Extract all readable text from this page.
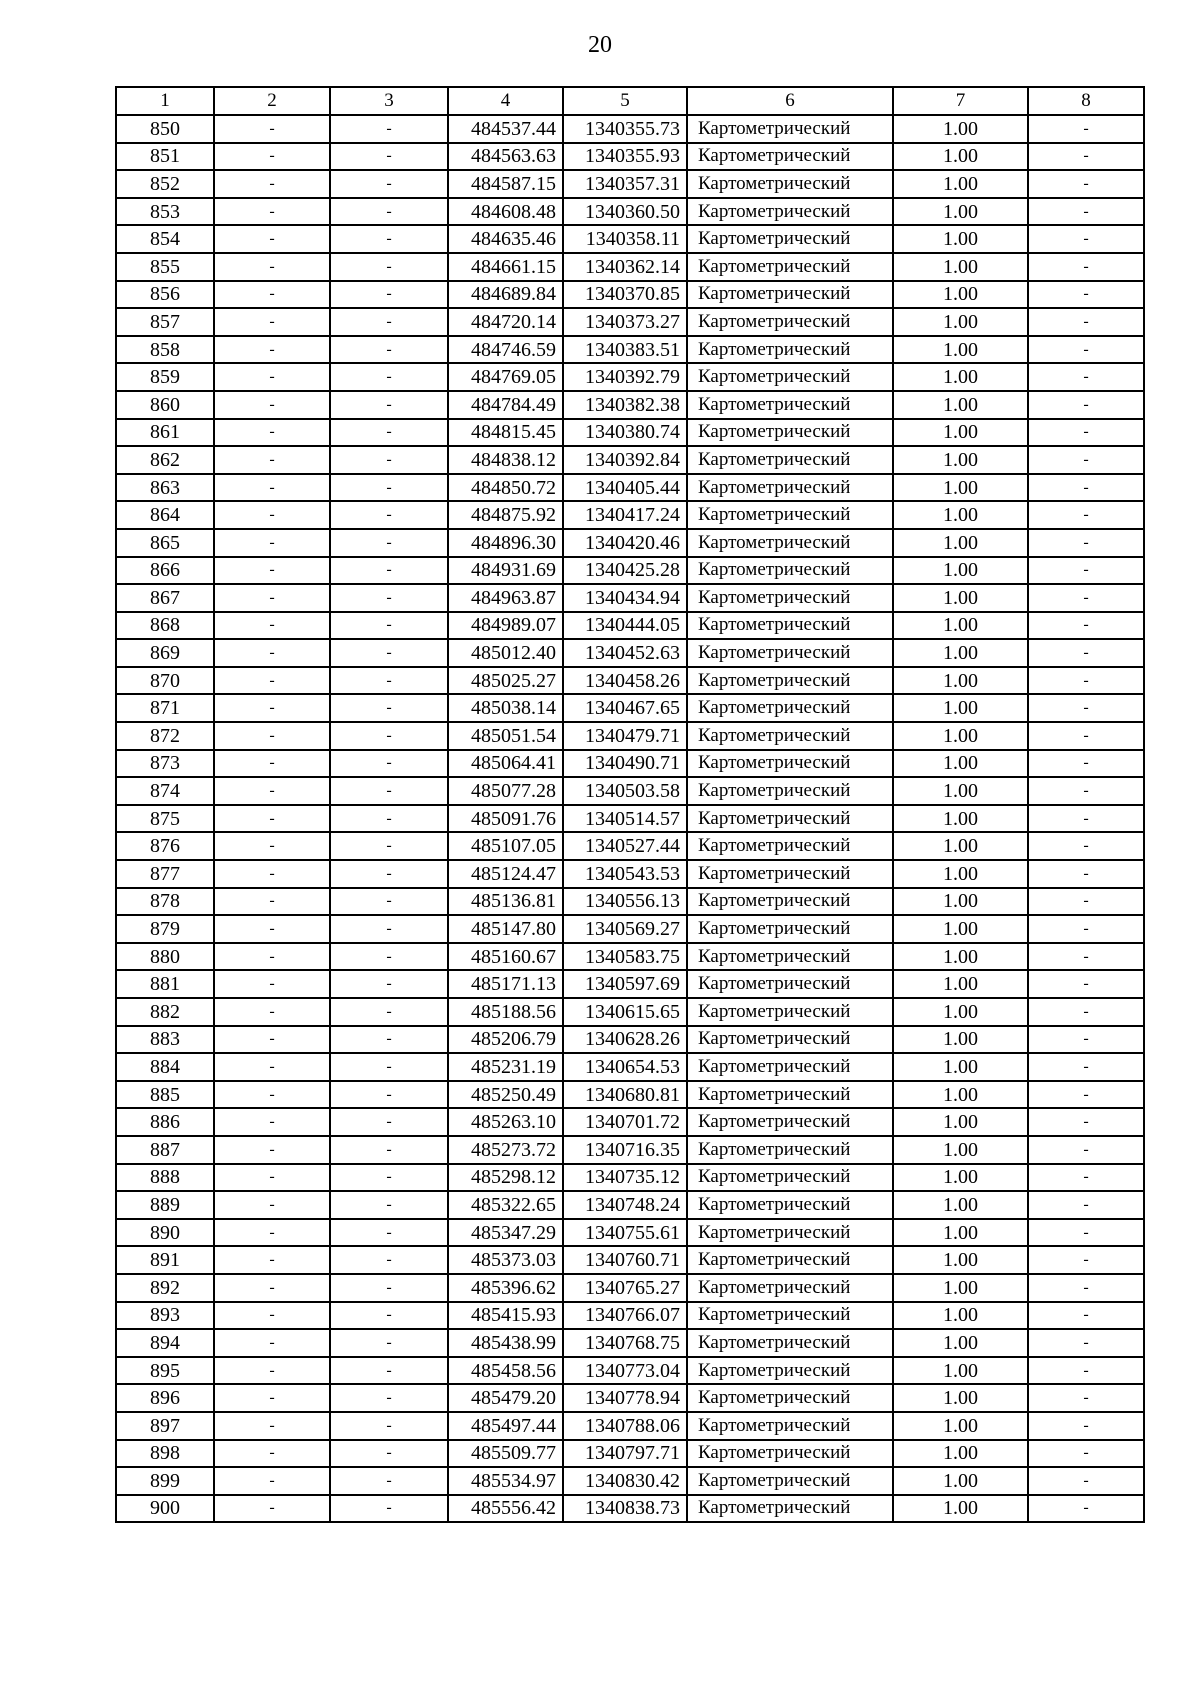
20
1	2	3	4	5	6	7	8
850	-	-	484537.44	1340355.73	Картометрический	1.00	-
851	-	-	484563.63	1340355.93	Картометрический	1.00	-
852	-	-	484587.15	1340357.31	Картометрический	1.00	-
853	-	-	484608.48	1340360.50	Картометрический	1.00	-
854	-	-	484635.46	1340358.11	Картометрический	1.00	-
855	-	-	484661.15	1340362.14	Картометрический	1.00	-
856	-	-	484689.84	1340370.85	Картометрический	1.00	-
857	-	-	484720.14	1340373.27	Картометрический	1.00	-
858	-	-	484746.59	1340383.51	Картометрический	1.00	-
859	-	-	484769.05	1340392.79	Картометрический	1.00	-
860	-	-	484784.49	1340382.38	Картометрический	1.00	-
861	-	-	484815.45	1340380.74	Картометрический	1.00	-
862	-	-	484838.12	1340392.84	Картометрический	1.00	-
863	-	-	484850.72	1340405.44	Картометрический	1.00	-
864	-	-	484875.92	1340417.24	Картометрический	1.00	-
865	-	-	484896.30	1340420.46	Картометрический	1.00	-
866	-	-	484931.69	1340425.28	Картометрический	1.00	-
867	-	-	484963.87	1340434.94	Картометрический	1.00	-
868	-	-	484989.07	1340444.05	Картометрический	1.00	-
869	-	-	485012.40	1340452.63	Картометрический	1.00	-
870	-	-	485025.27	1340458.26	Картометрический	1.00	-
871	-	-	485038.14	1340467.65	Картометрический	1.00	-
872	-	-	485051.54	1340479.71	Картометрический	1.00	-
873	-	-	485064.41	1340490.71	Картометрический	1.00	-
874	-	-	485077.28	1340503.58	Картометрический	1.00	-
875	-	-	485091.76	1340514.57	Картометрический	1.00	-
876	-	-	485107.05	1340527.44	Картометрический	1.00	-
877	-	-	485124.47	1340543.53	Картометрический	1.00	-
878	-	-	485136.81	1340556.13	Картометрический	1.00	-
879	-	-	485147.80	1340569.27	Картометрический	1.00	-
880	-	-	485160.67	1340583.75	Картометрический	1.00	-
881	-	-	485171.13	1340597.69	Картометрический	1.00	-
882	-	-	485188.56	1340615.65	Картометрический	1.00	-
883	-	-	485206.79	1340628.26	Картометрический	1.00	-
884	-	-	485231.19	1340654.53	Картометрический	1.00	-
885	-	-	485250.49	1340680.81	Картометрический	1.00	-
886	-	-	485263.10	1340701.72	Картометрический	1.00	-
887	-	-	485273.72	1340716.35	Картометрический	1.00	-
888	-	-	485298.12	1340735.12	Картометрический	1.00	-
889	-	-	485322.65	1340748.24	Картометрический	1.00	-
890	-	-	485347.29	1340755.61	Картометрический	1.00	-
891	-	-	485373.03	1340760.71	Картометрический	1.00	-
892	-	-	485396.62	1340765.27	Картометрический	1.00	-
893	-	-	485415.93	1340766.07	Картометрический	1.00	-
894	-	-	485438.99	1340768.75	Картометрический	1.00	-
895	-	-	485458.56	1340773.04	Картометрический	1.00	-
896	-	-	485479.20	1340778.94	Картометрический	1.00	-
897	-	-	485497.44	1340788.06	Картометрический	1.00	-
898	-	-	485509.77	1340797.71	Картометрический	1.00	-
899	-	-	485534.97	1340830.42	Картометрический	1.00	-
900	-	-	485556.42	1340838.73	Картометрический	1.00	-
